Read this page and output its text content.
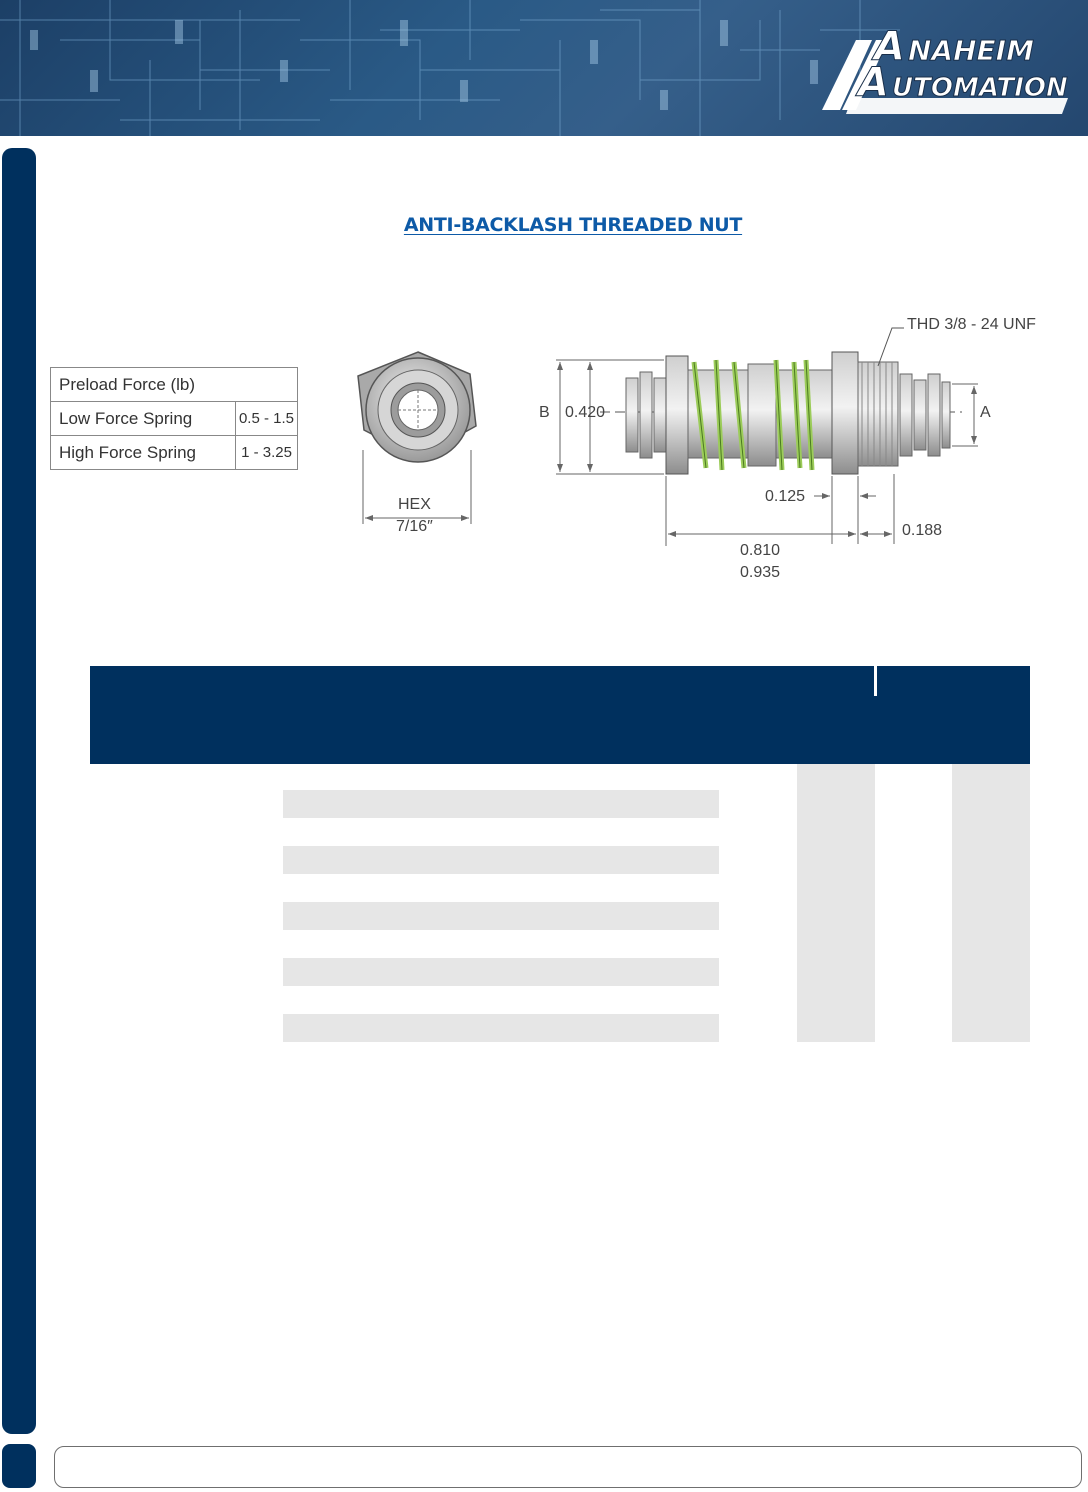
A NAHEIM
A UTOMATION
ANTI-BACKLASH THREADED NUT
Preload Force (lb)	
Low Force Spring	0.5 - 1.5
High Force Spring	1 - 3.25
HEX
7/16″
THD 3/8 - 24 UNF
B 0.420	A
0.125
0.188
0.810
0.935
